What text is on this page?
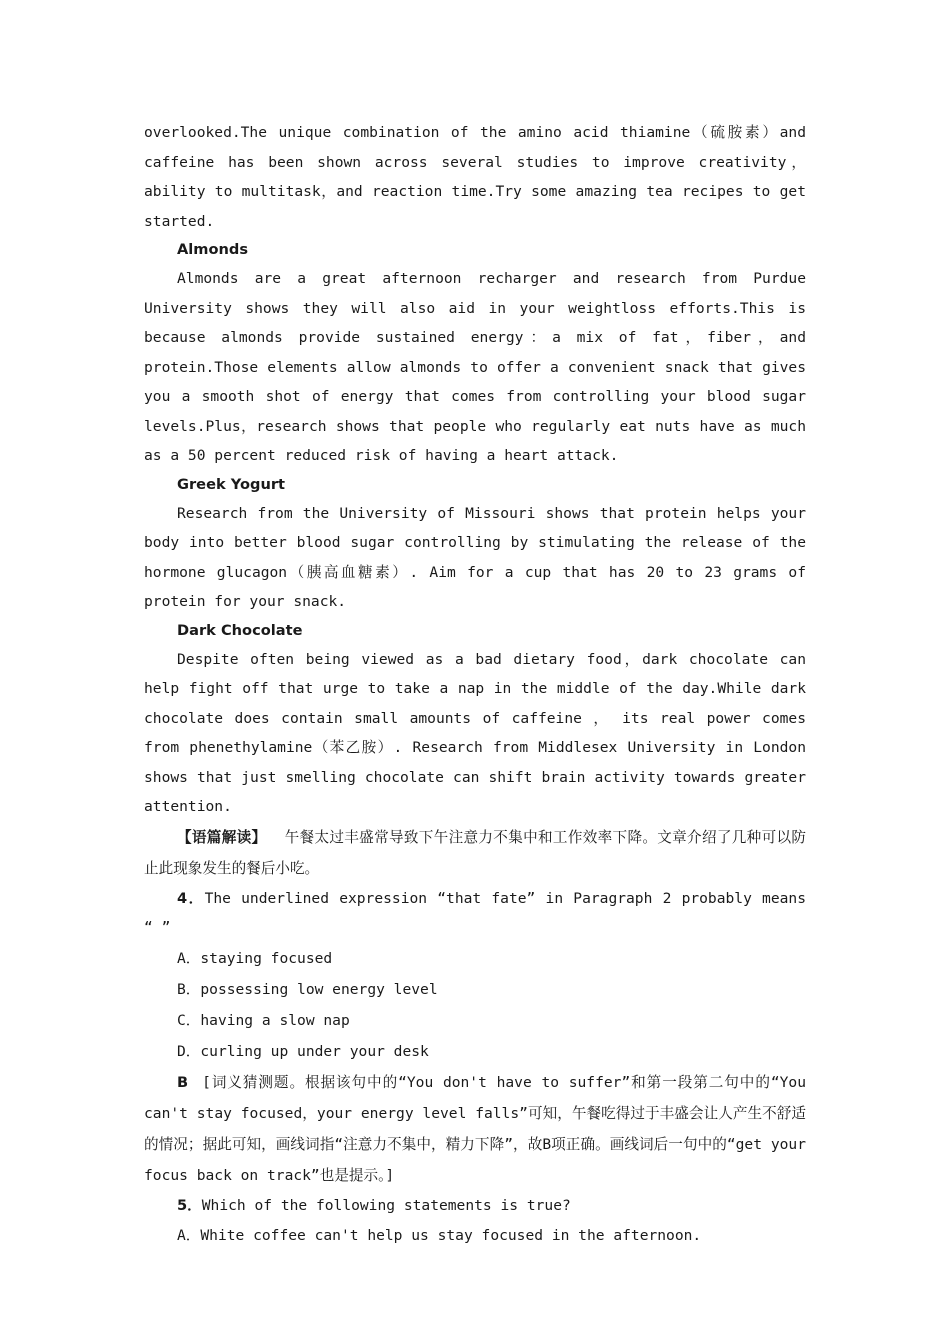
overlooked.The unique combination of the amino acid thiamine（硫胺素）and caffeine has been shown across several studies to improve creativity，ability to multitask，and reaction time.Try some amazing tea recipes to get started.

Almonds

Almonds are a great afternoon recharger and research from Purdue University shows they will also aid in your weightloss efforts.This is because almonds provide sustained energy：a mix of fat，fiber，and protein.Those elements allow almonds to offer a convenient snack that gives you a smooth shot of energy that comes from controlling your blood sugar levels.Plus，research shows that people who regularly eat nuts have as much as a 50 percent reduced risk of having a heart attack.

Greek Yogurt

Research from the University of Missouri shows that protein helps your body into better blood sugar controlling by stimulating the release of the hormone glucagon（胰高血糖素）. Aim for a cup that has 20 to 23 grams of protein for your snack.

Dark Chocolate

Despite often being viewed as a bad dietary food，dark chocolate can help fight off that urge to take a nap in the middle of the day.While dark chocolate does contain small amounts of caffeine ， its real power comes from phenethylamine（苯乙胺）. Research from Middlesex University in London shows that just smelling chocolate can shift brain activity towards greater attention.

【语篇解读】 午餐太过丰盛常导致下午注意力不集中和工作效率下降。文章介绍了几种可以防止此现象发生的餐后小吃。

4．The underlined expression “that fate” in Paragraph 2 probably means “ ”

A．staying focused

B．possessing low energy level

C．having a slow nap

D．curling up under your desk

B [词义猜测题。根据该句中的“You don't have to suffer”和第一段第二句中的“You can't stay focused，your energy level falls”可知，午餐吃得过于丰盛会让人产生不舒适的情况；据此可知，画线词指“注意力不集中，精力下降”，故B项正确。画线词后一句中的“get your focus back on track”也是提示。]

5．Which of the following statements is true?

A．White coffee can't help us stay focused in the afternoon.
